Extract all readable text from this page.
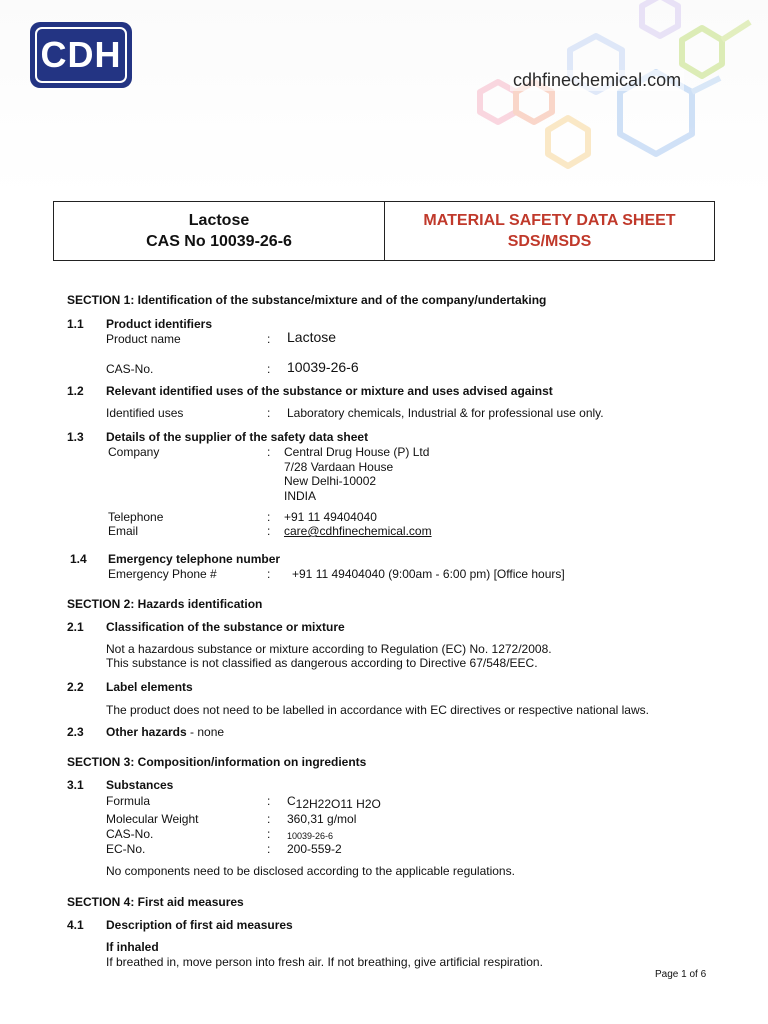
CDH
cdhfinechemical.com
Lactose
CAS No 10039-26-6
MATERIAL SAFETY DATA SHEET
SDS/MSDS
SECTION 1: Identification of the substance/mixture and of the company/undertaking
1.1 Product identifiers
Product name	: Lactose
CAS-No.	: 10039-26-6
1.2 Relevant identified uses of the substance or mixture and uses advised against
Identified uses	: Laboratory chemicals, Industrial & for professional use only.
1.3 Details of the supplier of the safety data sheet
Company	: Central Drug House (P) Ltd
7/28 Vardaan House
New Delhi-10002
INDIA
Telephone	: +91 11 49404040
Email	: care@cdhfinechemical.com
1.4 Emergency telephone number
Emergency Phone #	: +91 11 49404040 (9:00am - 6:00 pm) [Office hours]
SECTION 2: Hazards identification
2.1 Classification of the substance or mixture
Not a hazardous substance or mixture according to Regulation (EC) No. 1272/2008.
This substance is not classified as dangerous according to Directive 67/548/EEC.
2.2 Label elements
The product does not need to be labelled in accordance with EC directives or respective national laws.
2.3 Other hazards - none
SECTION 3: Composition/information on ingredients
3.1 Substances
Formula	: C12H22O11 H2O
Molecular Weight	: 360,31 g/mol
CAS-No.	: 10039-26-6
EC-No.	: 200-559-2
No components need to be disclosed according to the applicable regulations.
SECTION 4: First aid measures
4.1 Description of first aid measures
If inhaled
If breathed in, move person into fresh air. If not breathing, give artificial respiration.
Page 1 of 6
